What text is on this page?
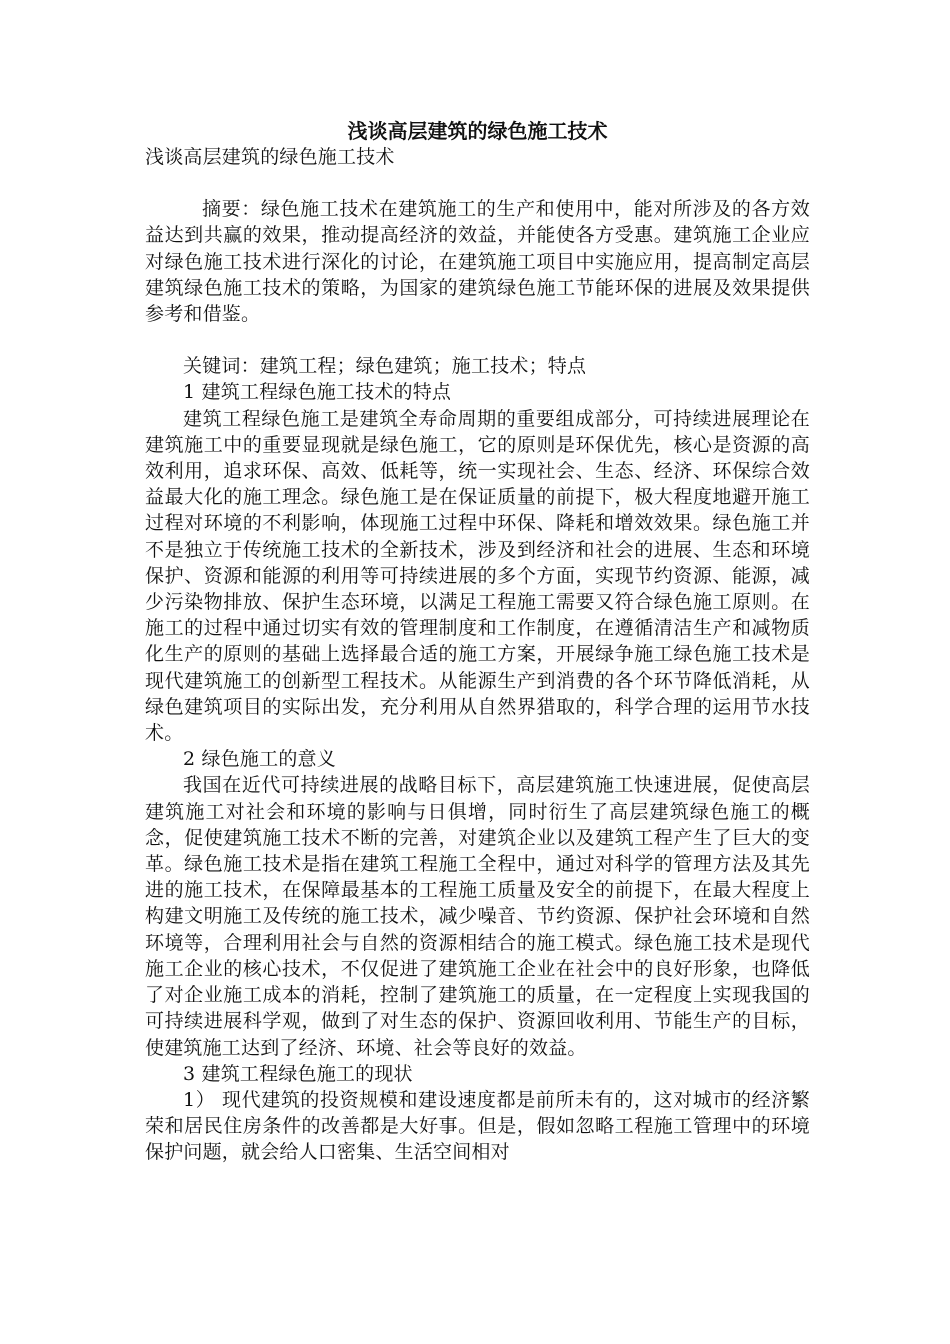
浅谈高层建筑的绿色施工技术

浅谈高层建筑的绿色施工技术

摘要：绿色施工技术在建筑施工的生产和使用中，能对所涉及的各方效益达到共赢的效果，推动提高经济的效益，并能使各方受惠。建筑施工企业应对绿色施工技术进行深化的讨论，在建筑施工项目中实施应用，提高制定高层建筑绿色施工技术的策略，为国家的建筑绿色施工节能环保的进展及效果提供参考和借鉴。

关键词：建筑工程；绿色建筑；施工技术；特点

1 建筑工程绿色施工技术的特点

建筑工程绿色施工是建筑全寿命周期的重要组成部分，可持续进展理论在建筑施工中的重要显现就是绿色施工，它的原则是环保优先，核心是资源的高效利用，追求环保、高效、低耗等，统一实现社会、生态、经济、环保综合效益最大化的施工理念。绿色施工是在保证质量的前提下，极大程度地避开施工过程对环境的不利影响，体现施工过程中环保、降耗和增效效果。绿色施工并不是独立于传统施工技术的全新技术，涉及到经济和社会的进展、生态和环境保护、资源和能源的利用等可持续进展的多个方面，实现节约资源、能源，减少污染物排放、保护生态环境，以满足工程施工需要又符合绿色施工原则。在施工的过程中通过切实有效的管理制度和工作制度，在遵循清洁生产和减物质化生产的原则的基础上选择最合适的施工方案，开展绿争施工绿色施工技术是现代建筑施工的创新型工程技术。从能源生产到消费的各个环节降低消耗，从绿色建筑项目的实际出发，充分利用从自然界猎取的，科学合理的运用节水技术。

2 绿色施工的意义

我国在近代可持续进展的战略目标下，高层建筑施工快速进展，促使高层建筑施工对社会和环境的影响与日俱增，同时衍生了高层建筑绿色施工的概念，促使建筑施工技术不断的完善，对建筑企业以及建筑工程产生了巨大的变革。绿色施工技术是指在建筑工程施工全程中，通过对科学的管理方法及其先进的施工技术，在保障最基本的工程施工质量及安全的前提下，在最大程度上构建文明施工及传统的施工技术，减少噪音、节约资源、保护社会环境和自然环境等，合理利用社会与自然的资源相结合的施工模式。绿色施工技术是现代施工企业的核心技术，不仅促进了建筑施工企业在社会中的良好形象，也降低了对企业施工成本的消耗，控制了建筑施工的质量，在一定程度上实现我国的可持续进展科学观，做到了对生态的保护、资源回收利用、节能生产的目标，使建筑施工达到了经济、环境、社会等良好的效益。

3 建筑工程绿色施工的现状

1） 现代建筑的投资规模和建设速度都是前所未有的，这对城市的经济繁荣和居民住房条件的改善都是大好事。但是，假如忽略工程施工管理中的环境保护问题，就会给人口密集、生活空间相对
